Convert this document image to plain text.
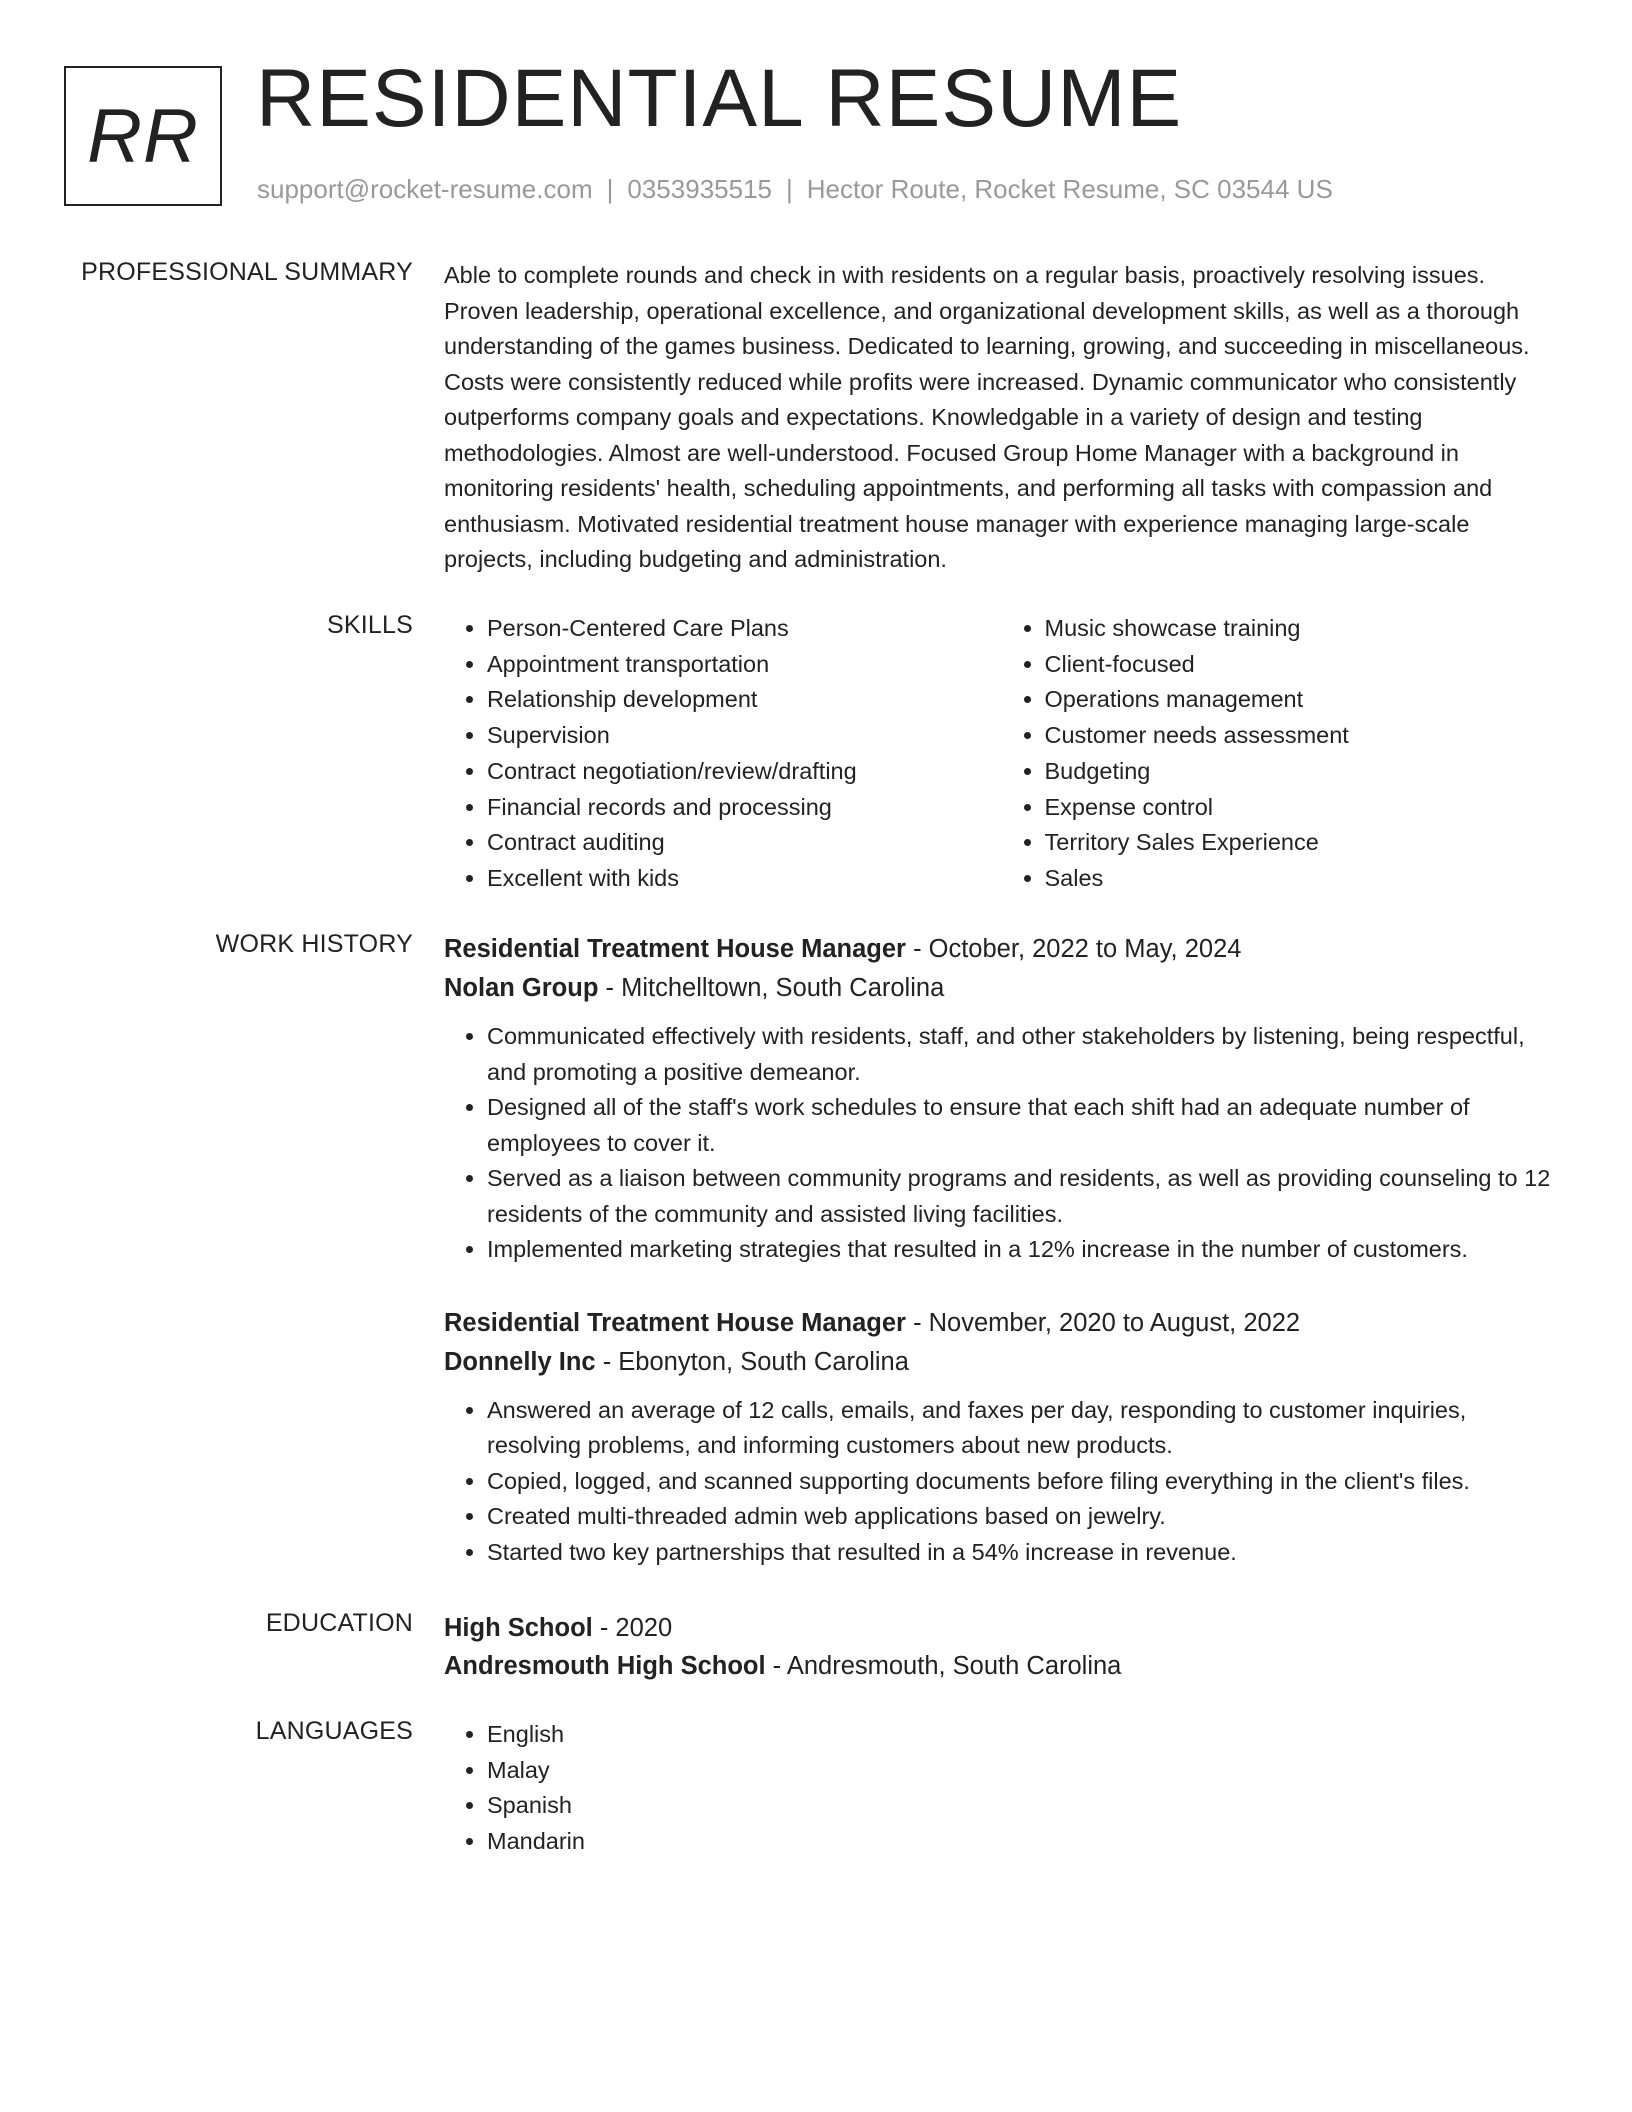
RR RESIDENTIAL RESUME
support@rocket-resume.com | 0353935515 | Hector Route, Rocket Resume, SC 03544 US
PROFESSIONAL SUMMARY Able to complete rounds and check in with residents on a regular basis, proactively resolving issues. Proven leadership, operational excellence, and organizational development skills, as well as a thorough understanding of the games business. Dedicated to learning, growing, and succeeding in miscellaneous. Costs were consistently reduced while profits were increased. Dynamic communicator who consistently outperforms company goals and expectations. Knowledgable in a variety of design and testing methodologies. Almost are well-understood. Focused Group Home Manager with a background in monitoring residents' health, scheduling appointments, and performing all tasks with compassion and enthusiasm. Motivated residential treatment house manager with experience managing large-scale projects, including budgeting and administration.

SKILLS	• Person-Centered Care Plans
• Appointment transportation
• Relationship development
• Supervision
• Contract negotiation/review/drafting
• Financial records and processing
• Contract auditing
• Excellent with kids
• Music showcase training
• Client-focused
• Operations management
• Customer needs assessment
• Budgeting
• Expense control
• Territory Sales Experience
• Sales
WORK HISTORY Residential Treatment House Manager - October, 2022 to May, 2024
Nolan Group - Mitchelltown, South Carolina
• Communicated effectively with residents, staff, and other stakeholders by listening, being respectful, and promoting a positive demeanor.
• Designed all of the staff's work schedules to ensure that each shift had an adequate number of employees to cover it.
• Served as a liaison between community programs and residents, as well as providing counseling to 12 residents of the community and assisted living facilities.
• Implemented marketing strategies that resulted in a 12% increase in the number of customers.
Residential Treatment House Manager - November, 2020 to August, 2022
Donnelly Inc - Ebonyton, South Carolina
• Answered an average of 12 calls, emails, and faxes per day, responding to customer inquiries, resolving problems, and informing customers about new products.
• Copied, logged, and scanned supporting documents before filing everything in the client's files.
• Created multi-threaded admin web applications based on jewelry.
• Started two key partnerships that resulted in a 54% increase in revenue.
EDUCATION High School - 2020
Andresmouth High School - Andresmouth, South Carolina
LANGUAGES	• English
• Malay
• Spanish
• Mandarin
